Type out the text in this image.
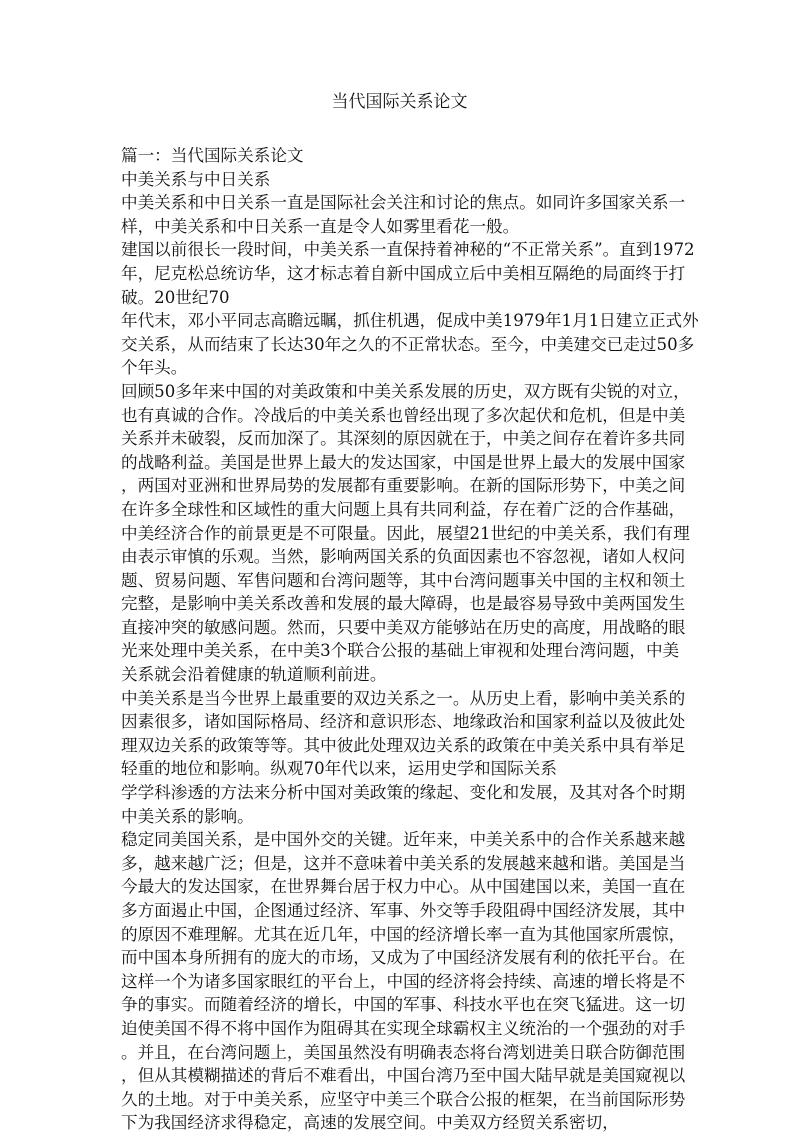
当代国际关系论文
篇一：当代国际关系论文
中美关系与中日关系
中美关系和中日关系一直是国际社会关注和讨论的焦点。如同许多国家关系一
样，中美关系和中日关系一直是令人如雾里看花一般。
建国以前很长一段时间，中美关系一直保持着神秘的“不正常关系”。直到1972
年，尼克松总统访华，这才标志着自新中国成立后中美相互隔绝的局面终于打
破。20世纪70
年代末，邓小平同志高瞻远瞩，抓住机遇，促成中美1979年1月1日建立正式外
交关系，从而结束了长达30年之久的不正常状态。至今，中美建交已走过50多
个年头。
回顾50多年来中国的对美政策和中美关系发展的历史，双方既有尖锐的对立，
也有真诚的合作。冷战后的中美关系也曾经出现了多次起伏和危机，但是中美
关系并未破裂，反而加深了。其深刻的原因就在于，中美之间存在着许多共同
的战略利益。美国是世界上最大的发达国家，中国是世界上最大的发展中国家
，两国对亚洲和世界局势的发展都有重要影响。在新的国际形势下，中美之间
在许多全球性和区域性的重大问题上具有共同利益，存在着广泛的合作基础，
中美经济合作的前景更是不可限量。因此，展望21世纪的中美关系，我们有理
由表示审慎的乐观。当然，影响两国关系的负面因素也不容忽视，诸如人权问
题、贸易问题、军售问题和台湾问题等，其中台湾问题事关中国的主权和领土
完整，是影响中美关系改善和发展的最大障碍，也是最容易导致中美两国发生
直接冲突的敏感问题。然而，只要中美双方能够站在历史的高度，用战略的眼
光来处理中美关系，在中美3个联合公报的基础上审视和处理台湾问题，中美
关系就会沿着健康的轨道顺利前进。
中美关系是当今世界上最重要的双边关系之一。从历史上看，影响中美关系的
因素很多，诸如国际格局、经济和意识形态、地缘政治和国家利益以及彼此处
理双边关系的政策等等。其中彼此处理双边关系的政策在中美关系中具有举足
轻重的地位和影响。纵观70年代以来，运用史学和国际关系
学学科渗透的方法来分析中国对美政策的缘起、变化和发展，及其对各个时期
中美关系的影响。
稳定同美国关系，是中国外交的关键。近年来，中美关系中的合作关系越来越
多，越来越广泛；但是，这并不意味着中美关系的发展越来越和谐。美国是当
今最大的发达国家，在世界舞台居于权力中心。从中国建国以来，美国一直在
多方面遏止中国，企图通过经济、军事、外交等手段阻碍中国经济发展，其中
的原因不难理解。尤其在近几年，中国的经济增长率一直为其他国家所震惊，
而中国本身所拥有的庞大的市场，又成为了中国经济发展有利的依托平台。在
这样一个为诸多国家眼红的平台上，中国的经济将会持续、高速的增长将是不
争的事实。而随着经济的增长，中国的军事、科技水平也在突飞猛进。这一切
迫使美国不得不将中国作为阻碍其在实现全球霸权主义统治的一个强劲的对手
。并且，在台湾问题上，美国虽然没有明确表态将台湾划进美日联合防御范围
，但从其模糊描述的背后不难看出，中国台湾乃至中国大陆早就是美国窥视以
久的土地。对于中美关系，应坚守中美三个联合公报的框架，在当前国际形势
下为我国经济求得稳定，高速的发展空间。中美双方经贸关系密切，
